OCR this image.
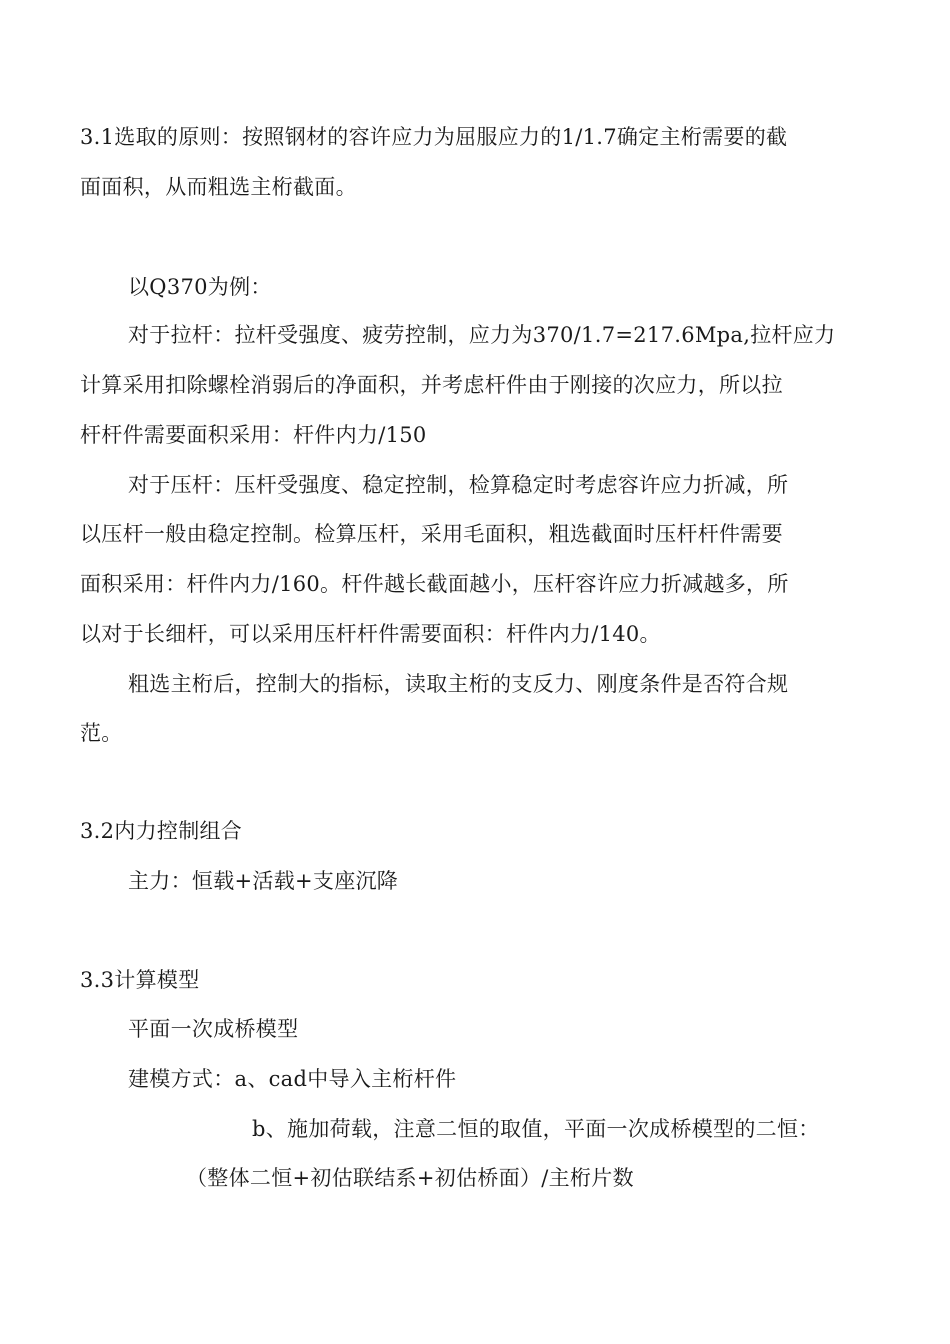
3.1选取的原则：按照钢材的容许应力为屈服应力的1/1.7确定主桁需要的截
面面积，从而粗选主桁截面。
以Q370为例：
对于拉杆：拉杆受强度、疲劳控制，应力为370/1.7=217.6Mpa,拉杆应力
计算采用扣除螺栓消弱后的净面积，并考虑杆件由于刚接的次应力，所以拉
杆杆件需要面积采用：杆件内力/150
对于压杆：压杆受强度、稳定控制，检算稳定时考虑容许应力折减，所
以压杆一般由稳定控制。检算压杆，采用毛面积，粗选截面时压杆杆件需要
面积采用：杆件内力/160。杆件越长截面越小，压杆容许应力折减越多，所
以对于长细杆，可以采用压杆杆件需要面积：杆件内力/140。
粗选主桁后，控制大的指标，读取主桁的支反力、刚度条件是否符合规
范。
3.2内力控制组合
主力：恒载+活载+支座沉降
3.3计算模型
平面一次成桥模型
建模方式：a、cad中导入主桁杆件
b、施加荷载，注意二恒的取值，平面一次成桥模型的二恒：
（整体二恒+初估联结系+初估桥面）/主桁片数
